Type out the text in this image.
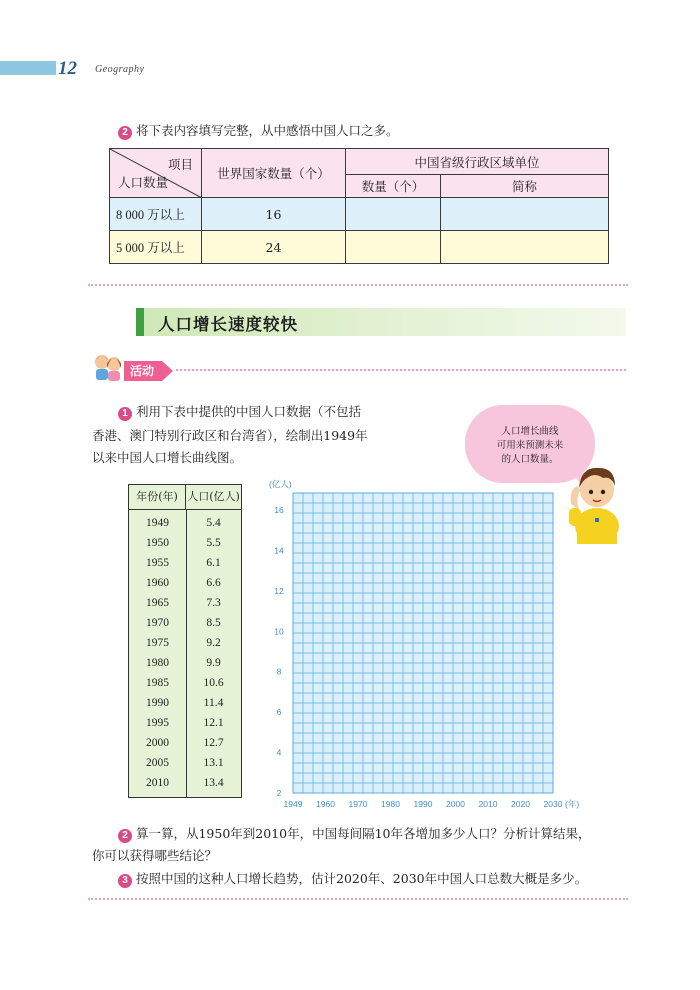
12 Geography
2 将下表内容填写完整，从中感悟中国人口之多。
项目
人口数量	世界国家数量（个）	中国省级行政区域单位	
		数量（个）	简称
8 000 万以上	16		
5 000 万以上	24		
人口增长速度较快
活动
1 利用下表中提供的中国人口数据（不包括
香港、澳门特别行政区和台湾省），绘制出1949年
以来中国人口增长曲线图。
人口增长曲线
可用来预测未来
的人口数量。
年份(年) 人口(亿人)
1949	5.4
1950	5.5
1955	6.1
1960	6.6
1965	7.3
1970	8.5
1975	9.2
1980	9.9
1985	10.6
1990	11.4
1995	12.1
2000	12.7
2005	13.1
2010	13.4
2
4
6
8
10
12
14
16
(亿人)
1949 1960 1970 1980 1990 2000 2010 2020 2030 (年)
2 算一算，从1950年到2010年，中国每间隔10年各增加多少人口？分析计算结果，
你可以获得哪些结论？
3 按照中国的这种人口增长趋势，估计2020年、2030年中国人口总数大概是多少。
